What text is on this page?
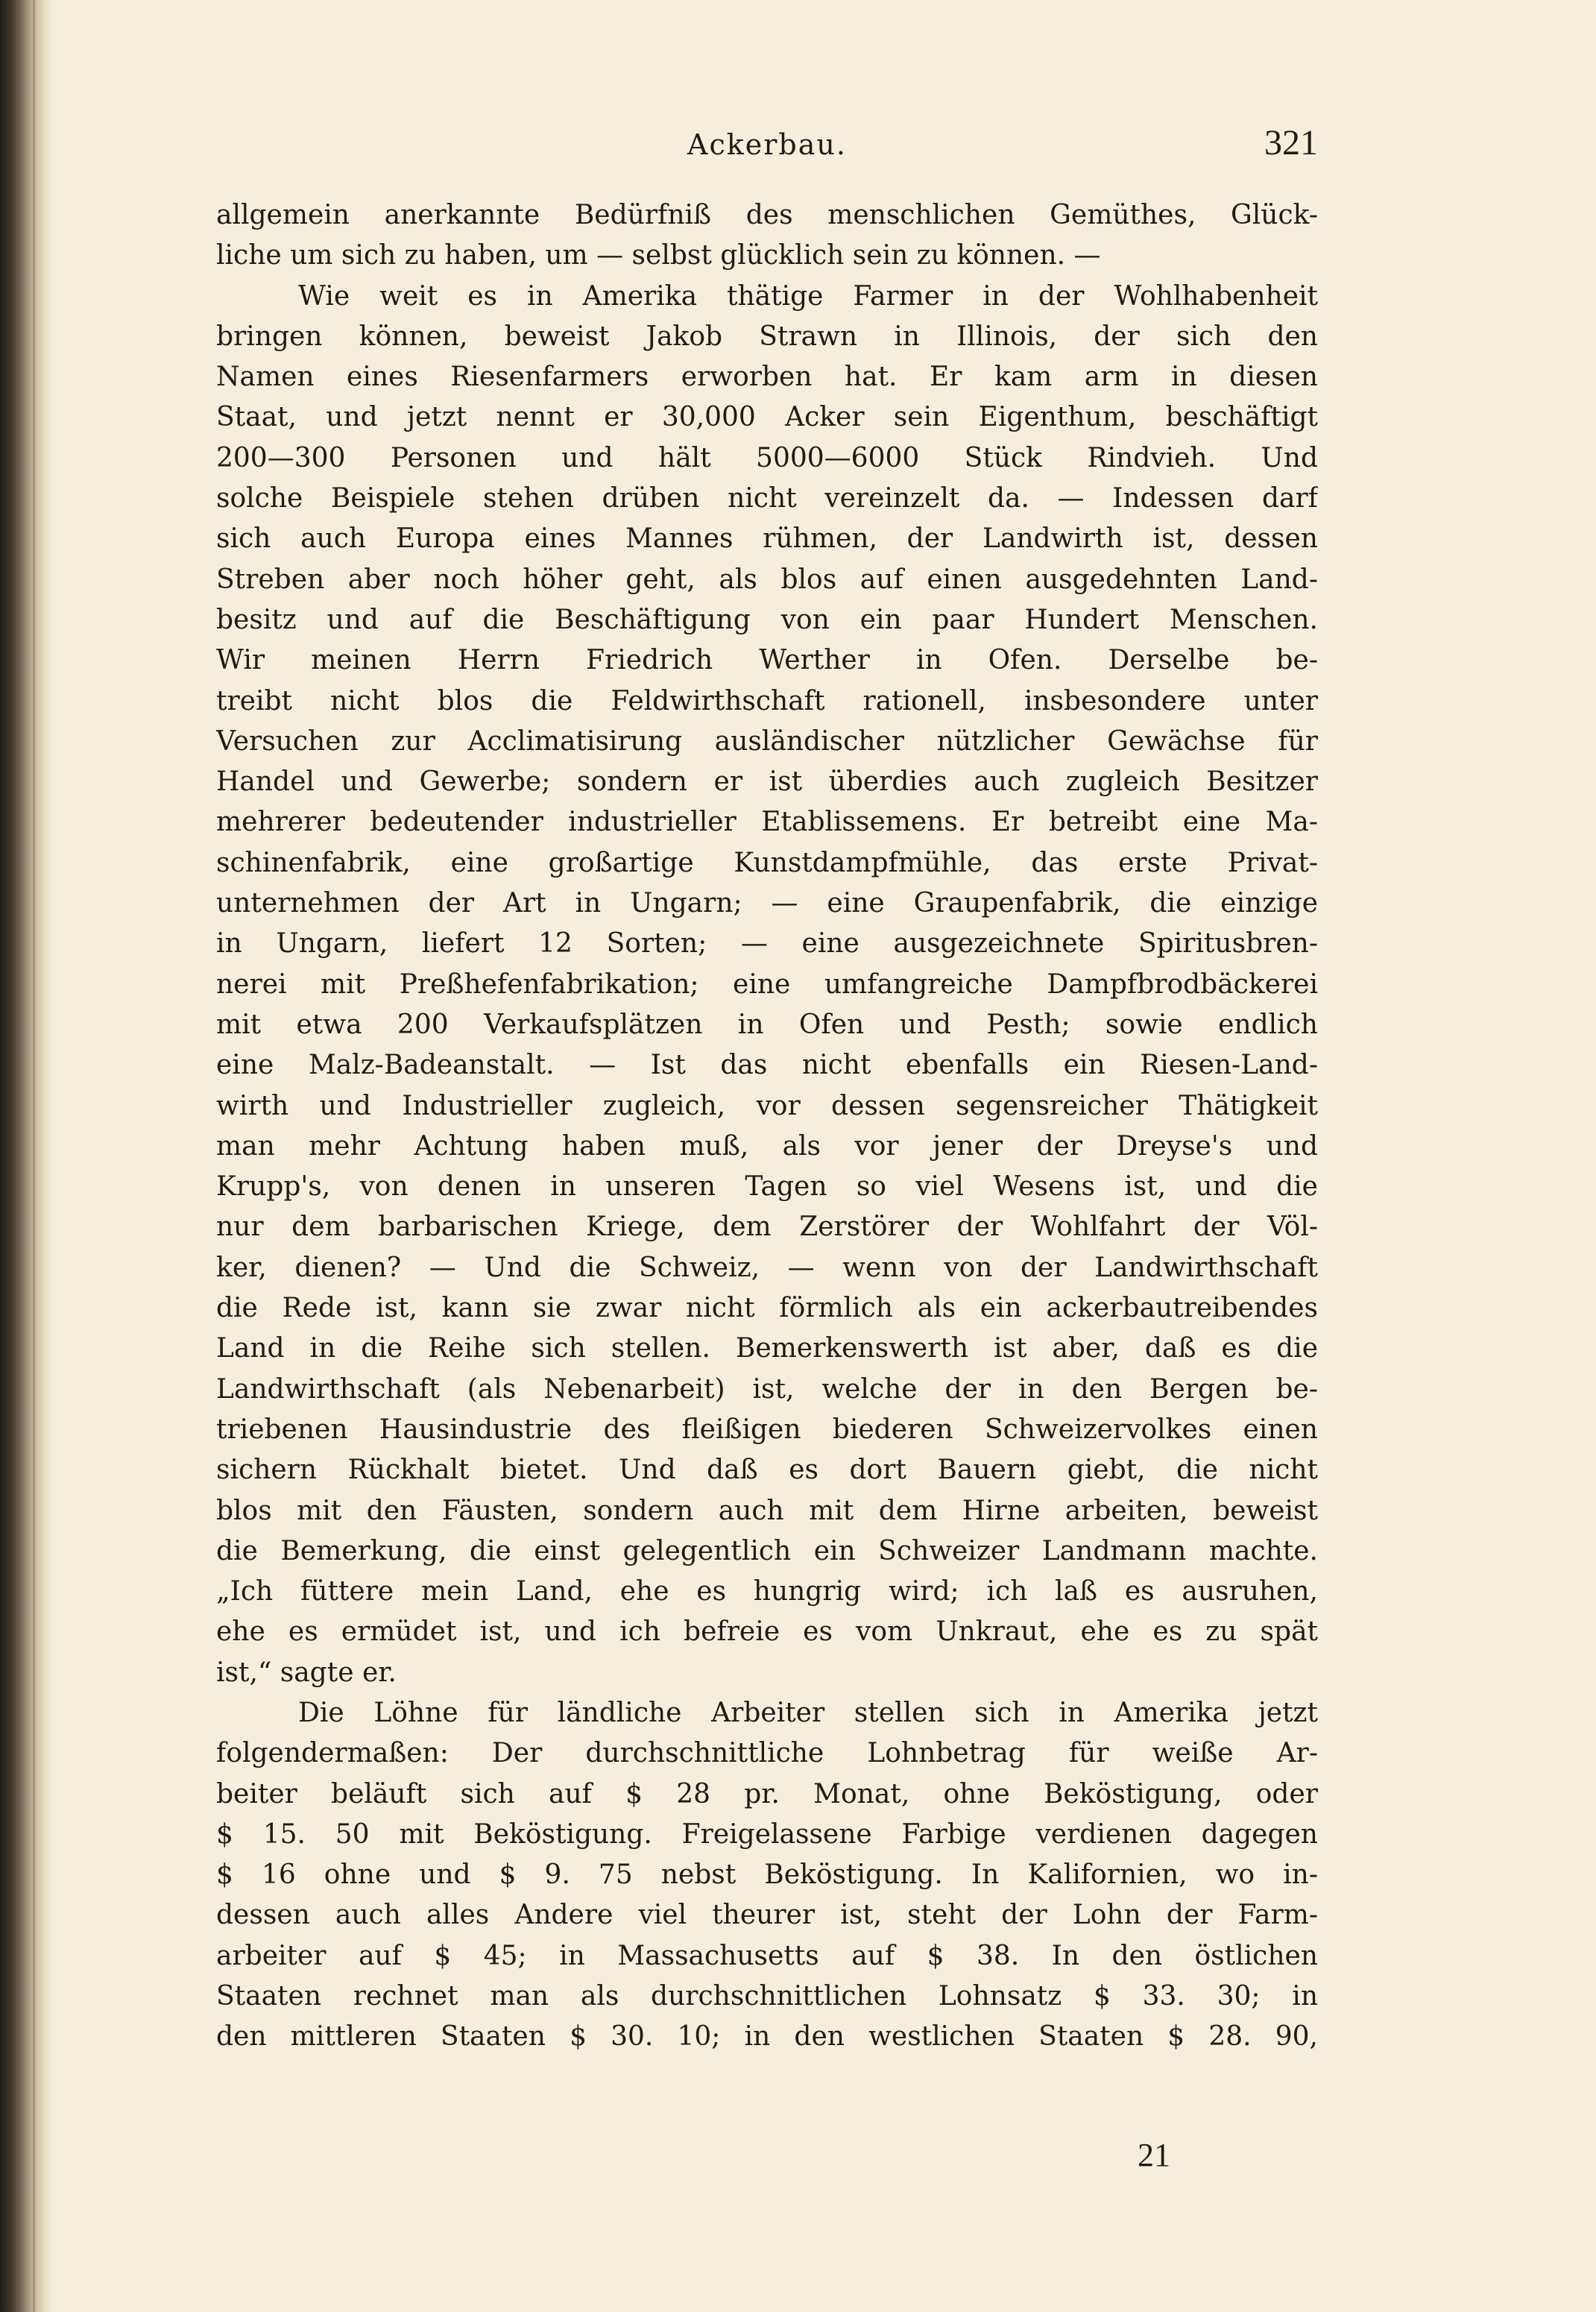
Ackerbau.	321
allgemein anerkannte Bedürfniß des menschlichen Gemüthes, Glück-
liche um sich zu haben, um — selbst glücklich sein zu können. —
Wie weit es in Amerika thätige Farmer in der Wohlhabenheit
bringen können, beweist Jakob Strawn in Illinois, der sich den
Namen eines Riesenfarmers erworben hat. Er kam arm in diesen
Staat, und jetzt nennt er 30,000 Acker sein Eigenthum, beschäftigt
200—300 Personen und hält 5000—6000 Stück Rindvieh. Und
solche Beispiele stehen drüben nicht vereinzelt da. — Indessen darf
sich auch Europa eines Mannes rühmen, der Landwirth ist, dessen
Streben aber noch höher geht, als blos auf einen ausgedehnten Land-
besitz und auf die Beschäftigung von ein paar Hundert Menschen.
Wir meinen Herrn Friedrich Werther in Ofen. Derselbe be-
treibt nicht blos die Feldwirthschaft rationell, insbesondere unter
Versuchen zur Acclimatisirung ausländischer nützlicher Gewächse für
Handel und Gewerbe; sondern er ist überdies auch zugleich Besitzer
mehrerer bedeutender industrieller Etablissemens. Er betreibt eine Ma-
schinenfabrik, eine großartige Kunstdampfmühle, das erste Privat-
unternehmen der Art in Ungarn; — eine Graupenfabrik, die einzige
in Ungarn, liefert 12 Sorten; — eine ausgezeichnete Spiritusbren-
nerei mit Preßhefenfabrikation; eine umfangreiche Dampfbrodbäckerei
mit etwa 200 Verkaufsplätzen in Ofen und Pesth; sowie endlich
eine Malz-Badeanstalt. — Ist das nicht ebenfalls ein Riesen-Land-
wirth und Industrieller zugleich, vor dessen segensreicher Thätigkeit
man mehr Achtung haben muß, als vor jener der Dreyse's und
Krupp's, von denen in unseren Tagen so viel Wesens ist, und die
nur dem barbarischen Kriege, dem Zerstörer der Wohlfahrt der Völ-
ker, dienen? — Und die Schweiz, — wenn von der Landwirthschaft
die Rede ist, kann sie zwar nicht förmlich als ein ackerbautreibendes
Land in die Reihe sich stellen. Bemerkenswerth ist aber, daß es die
Landwirthschaft (als Nebenarbeit) ist, welche der in den Bergen be-
triebenen Hausindustrie des fleißigen biederen Schweizervolkes einen
sichern Rückhalt bietet. Und daß es dort Bauern giebt, die nicht
blos mit den Fäusten, sondern auch mit dem Hirne arbeiten, beweist
die Bemerkung, die einst gelegentlich ein Schweizer Landmann machte.
„Ich füttere mein Land, ehe es hungrig wird; ich laß es ausruhen,
ehe es ermüdet ist, und ich befreie es vom Unkraut, ehe es zu spät
ist,“ sagte er.
Die Löhne für ländliche Arbeiter stellen sich in Amerika jetzt
folgendermaßen: Der durchschnittliche Lohnbetrag für weiße Ar-
beiter beläuft sich auf $ 28 pr. Monat, ohne Beköstigung, oder
$ 15. 50 mit Beköstigung. Freigelassene Farbige verdienen dagegen
$ 16 ohne und $ 9. 75 nebst Beköstigung. In Kalifornien, wo in-
dessen auch alles Andere viel theurer ist, steht der Lohn der Farm-
arbeiter auf $ 45; in Massachusetts auf $ 38. In den östlichen
Staaten rechnet man als durchschnittlichen Lohnsatz $ 33. 30; in
den mittleren Staaten $ 30. 10; in den westlichen Staaten $ 28. 90,
21
